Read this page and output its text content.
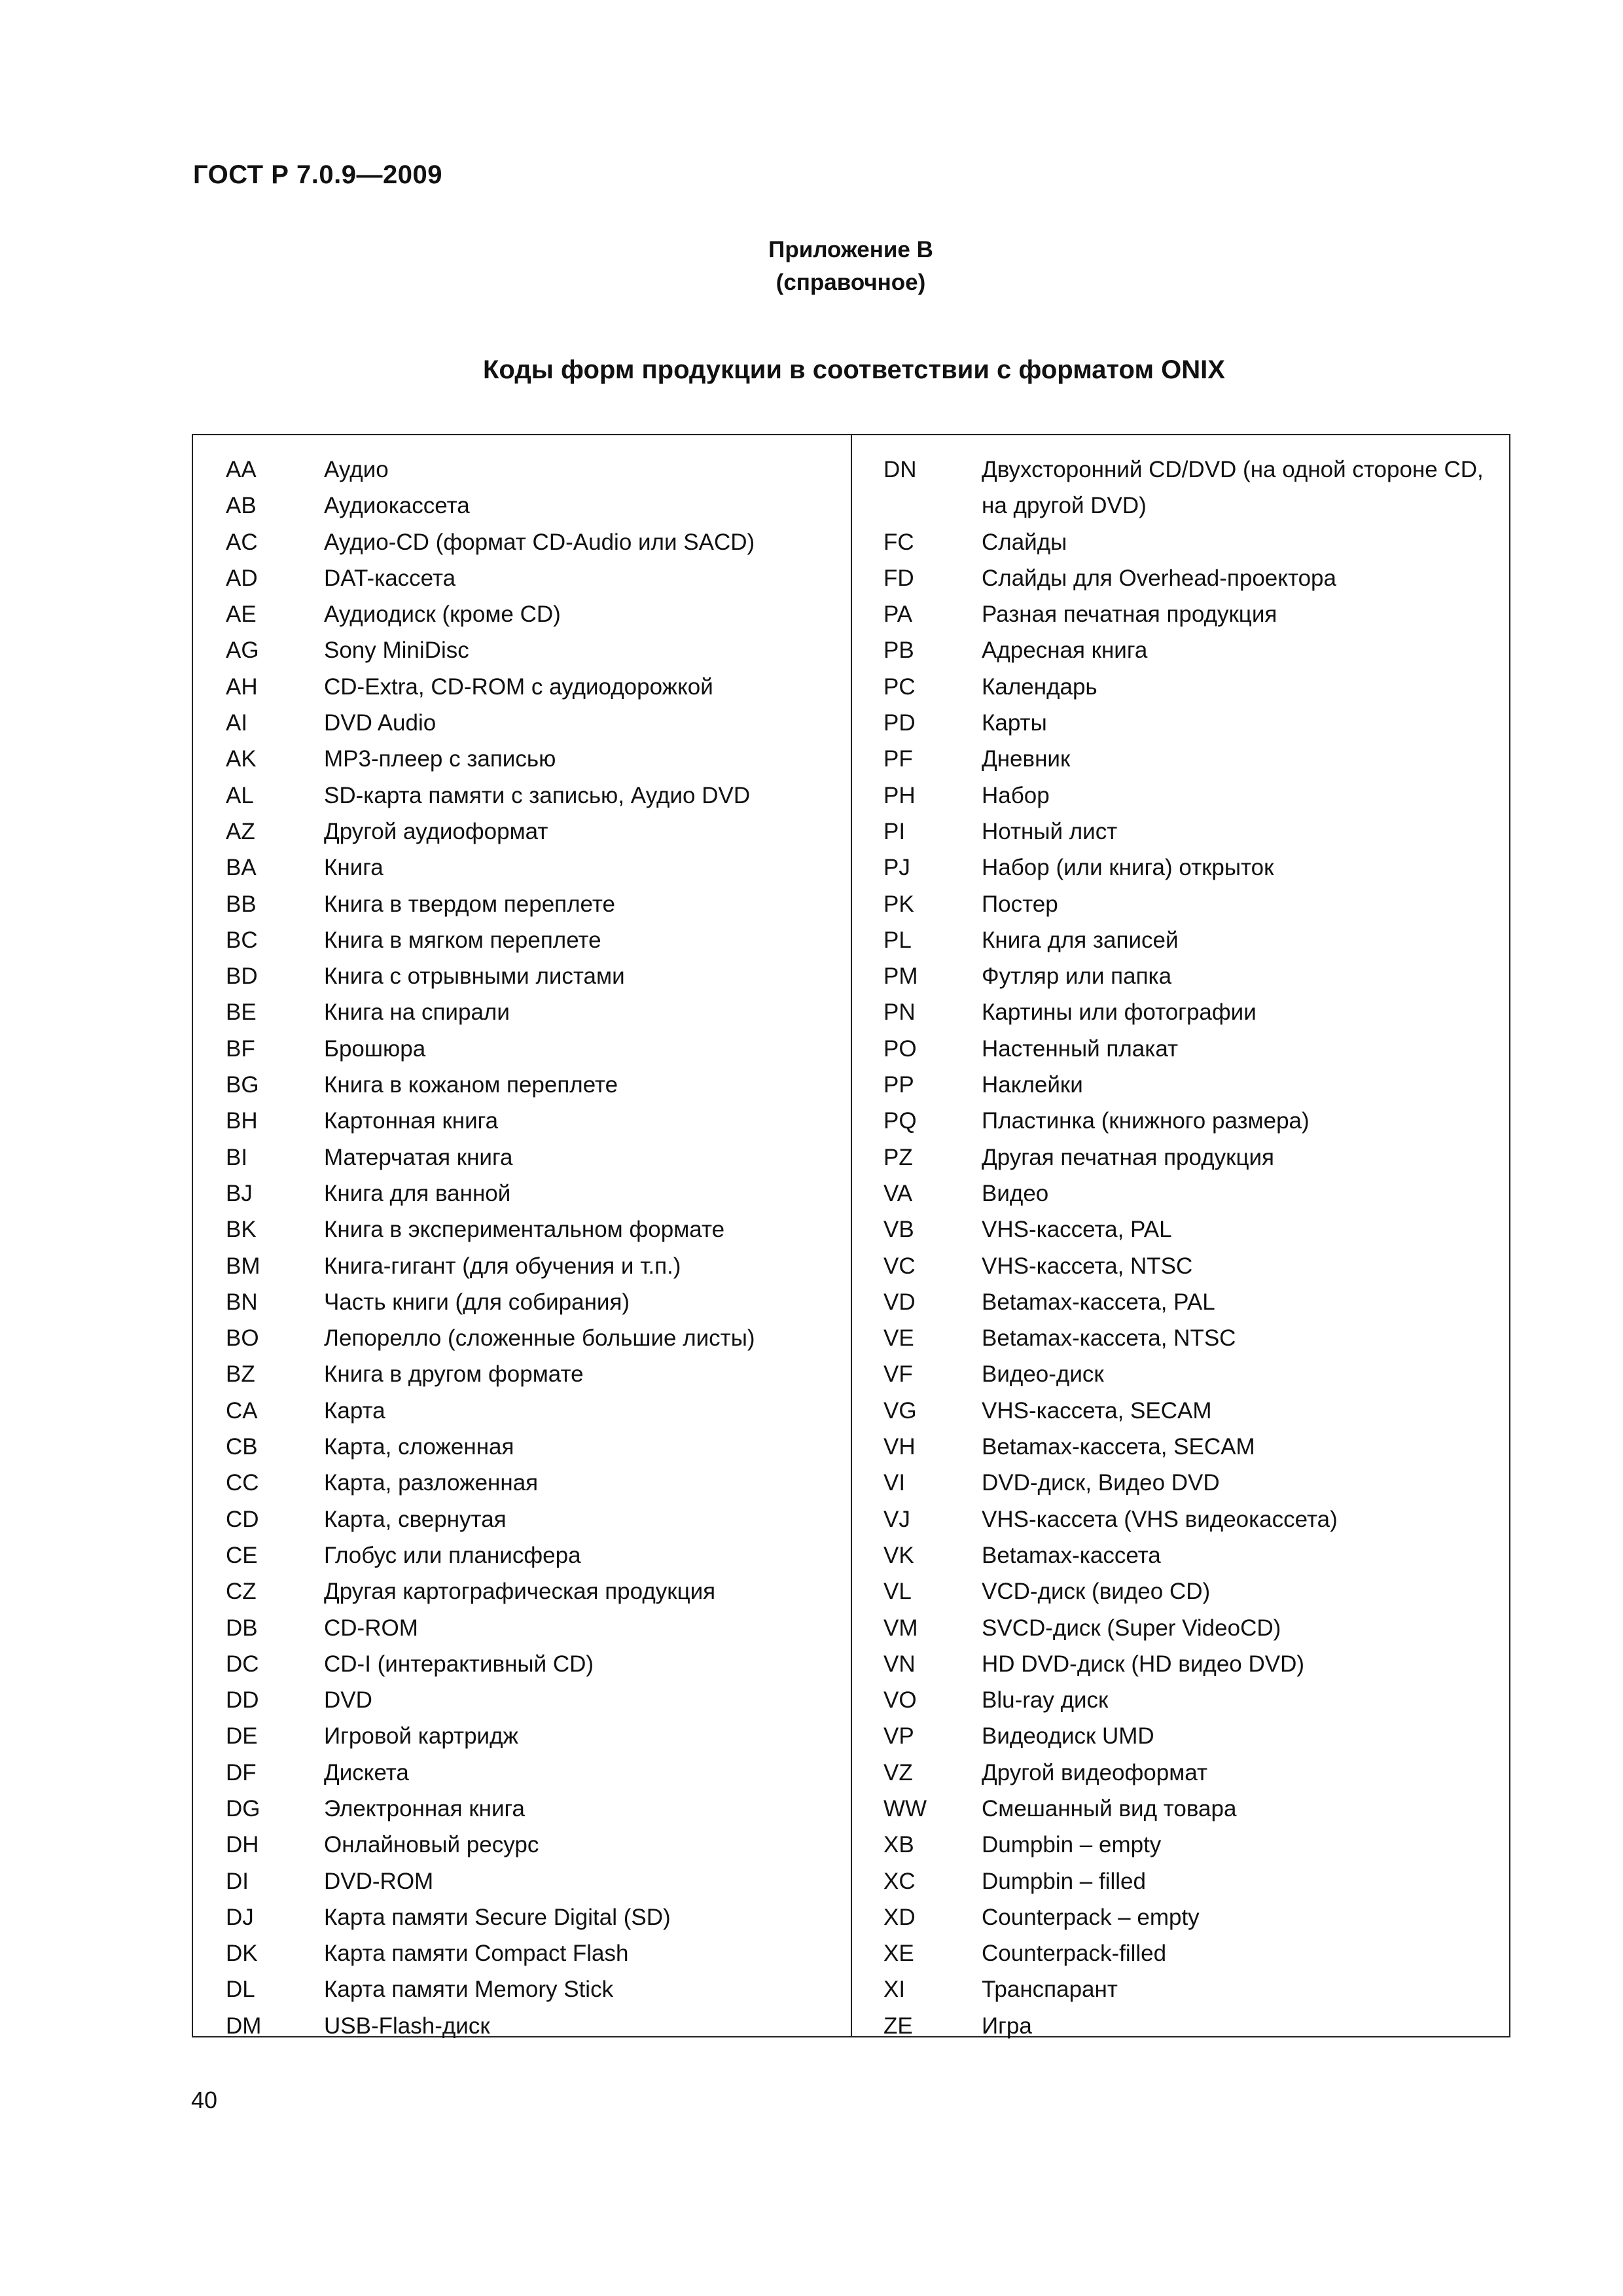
ГОСТ Р 7.0.9—2009
Приложение В
(справочное)
Коды форм продукции в соответствии с форматом ONIX
AA	Аудио
AB	Аудиокассета
AC	Аудио-CD (формат CD-Audio или SACD)
AD	DAT-кассета
AE	Аудиодиск (кроме CD)
AG	Sony MiniDisc
AH	CD-Extra, CD-ROM с аудиодорожкой
AI	DVD Audio
AK	MP3-плеер с записью
AL	SD-карта памяти с записью, Аудио DVD
AZ	Другой аудиоформат
BA	Книга
BB	Книга в твердом переплете
BC	Книга в мягком переплете
BD	Книга с отрывными листами
BE	Книга на спирали
BF	Брошюра
BG	Книга в кожаном переплете
BH	Картонная книга
BI	Матерчатая книга
BJ	Книга для ванной
BK	Книга в экспериментальном формате
BM	Книга-гигант (для обучения и т.п.)
BN	Часть книги (для собирания)
BO	Лепорелло (сложенные большие листы)
BZ	Книга в другом формате
CA	Карта
CB	Карта, сложенная
CC	Карта, разложенная
CD	Карта, свернутая
CE	Глобус или планисфера
CZ	Другая картографическая продукция
DB	CD-ROM
DC	CD-I (интерактивный CD)
DD	DVD
DE	Игровой картридж
DF	Дискета
DG	Электронная книга
DH	Онлайновый ресурс
DI	DVD-ROM
DJ	Карта памяти Secure Digital (SD)
DK	Карта памяти Compact Flash
DL	Карта памяти Memory Stick
DM	USB-Flash-диск
DN	Двухсторонний CD/DVD (на одной стороне CD, на другой DVD)
FC	Слайды
FD	Слайды для Overhead-проектора
PA	Разная печатная продукция
PB	Адресная книга
PC	Календарь
PD	Карты
PF	Дневник
PH	Набор
PI	Нотный лист
PJ	Набор (или книга) открыток
PK	Постер
PL	Книга для записей
PM	Футляр или папка
PN	Картины или фотографии
PO	Настенный плакат
PP	Наклейки
PQ	Пластинка (книжного размера)
PZ	Другая печатная продукция
VA	Видео
VB	VHS-кассета, PAL
VC	VHS-кассета, NTSC
VD	Betamax-кассета, PAL
VE	Betamax-кассета, NTSC
VF	Видео-диск
VG	VHS-кассета, SECAM
VH	Betamax-кассета, SECAM
VI	DVD-диск, Видео DVD
VJ	VHS-кассета (VHS видеокассета)
VK	Betamax-кассета
VL	VCD-диск (видео CD)
VM	SVCD-диск (Super VideoCD)
VN	HD DVD-диск (HD видео DVD)
VO	Blu-ray диск
VP	Видеодиск UMD
VZ	Другой видеоформат
WW	Смешанный вид товара
XB	Dumpbin – empty
XC	Dumpbin – filled
XD	Counterpack – empty
XE	Counterpack-filled
XI	Транспарант
ZE	Игра
40
